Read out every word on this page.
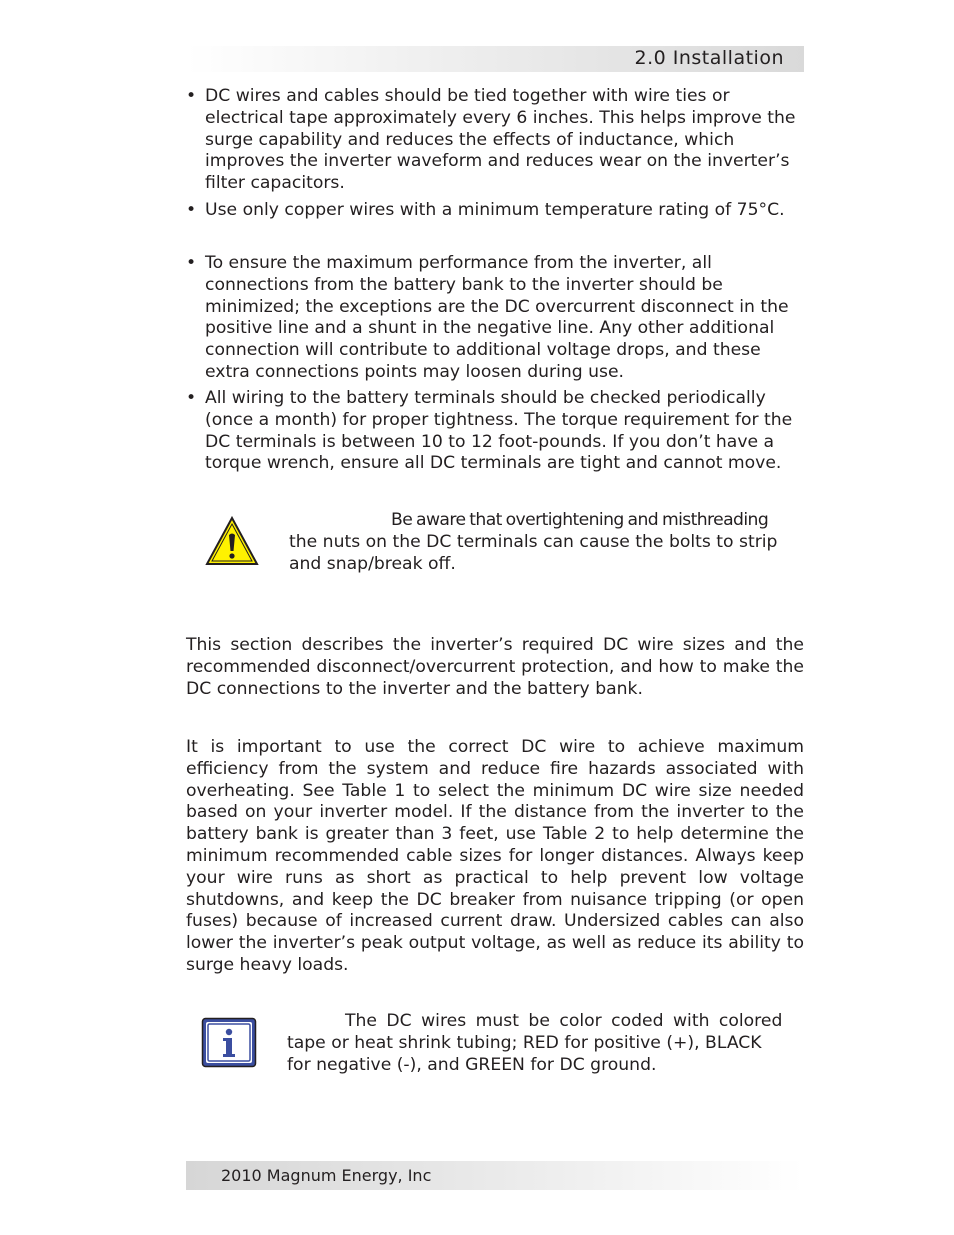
2.0 Installation
• DC wires and cables should be tied together with wire ties or electrical tape approximately every 6 inches. This helps improve the surge capability and reduces the effects of inductance, which improves the inverter waveform and reduces wear on the inverter’s filter capacitors.

• Use only copper wires with a minimum temperature rating of 75°C.

• To ensure the maximum performance from the inverter, all connections from the battery bank to the inverter should be minimized; the exceptions are the DC overcurrent disconnect in the positive line and a shunt in the negative line. Any other additional connection will contribute to additional voltage drops, and these extra connections points may loosen during use.

• All wiring to the battery terminals should be checked periodically (once a month) for proper tightness. The torque requirement for the DC terminals is between 10 to 12 foot-pounds. If you don’t have a torque wrench, ensure all DC terminals are tight and cannot move.

Be aware that overtightening and misthreading
the nuts on the DC terminals can cause the bolts to strip
and snap/break off.

This section describes the inverter’s required DC wire sizes and the recommended disconnect/overcurrent protection, and how to make the DC connections to the inverter and the battery bank.

It is important to use the correct DC wire to achieve maximum efficiency from the system and reduce fire hazards associated with overheating. See Table 1 to select the minimum DC wire size needed based on your inverter model. If the distance from the inverter to the battery bank is greater than 3 feet, use Table 2 to help determine the minimum recommended cable sizes for longer distances. Always keep your wire runs as short as practical to help prevent low voltage shutdowns, and keep the DC breaker from nuisance tripping (or open fuses) because of increased current draw. Undersized cables can also lower the inverter’s peak output voltage, as well as reduce its ability to surge heavy loads.

The DC wires must be color coded with colored
tape or heat shrink tubing; RED for positive (+), BLACK
for negative (-), and GREEN for DC ground.
2010 Magnum Energy, Inc
